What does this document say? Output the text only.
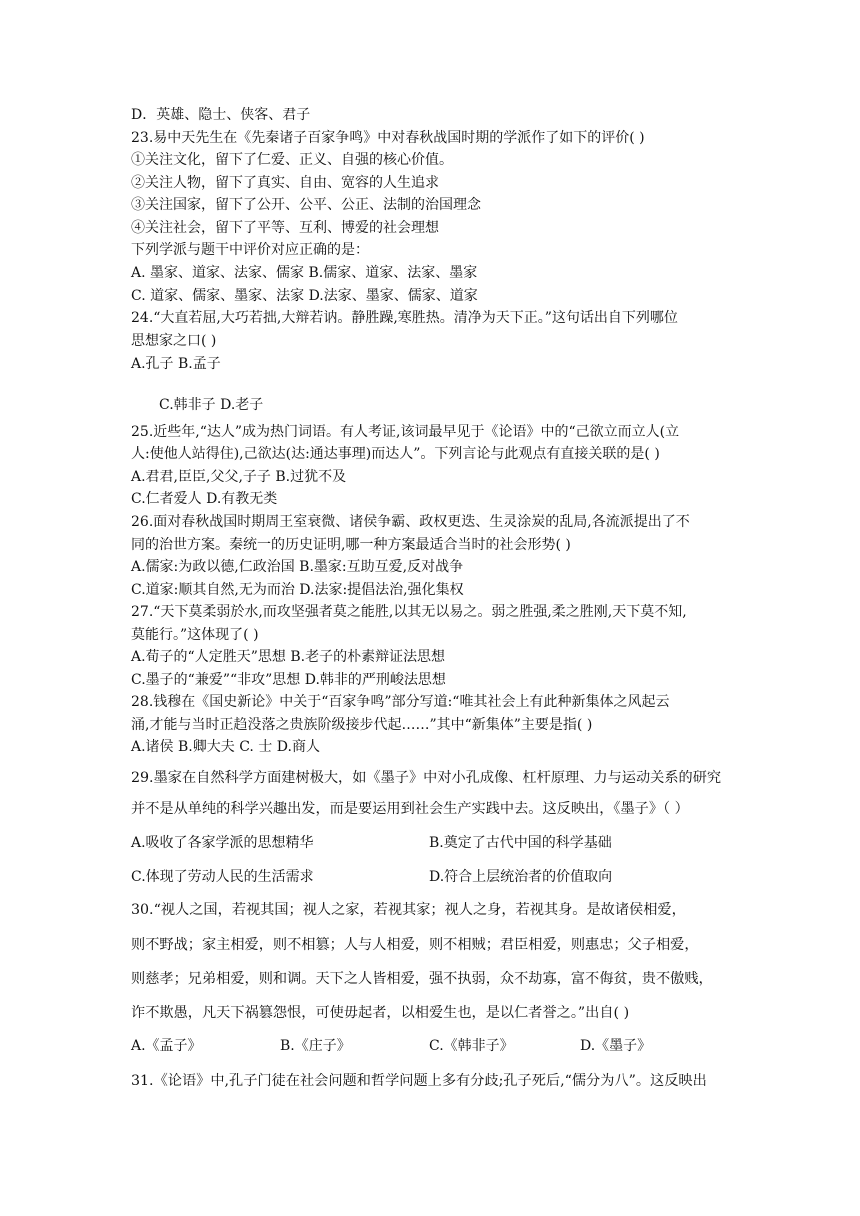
D．英雄、隐士、侠客、君子
23.易中天先生在《先秦诸子百家争鸣》中对春秋战国时期的学派作了如下的评价( )
①关注文化，留下了仁爱、正义、自强的核心价值。
②关注人物，留下了真实、自由、宽容的人生追求
③关注国家，留下了公开、公平、公正、法制的治国理念
④关注社会，留下了平等、互利、博爱的社会理想
下列学派与题干中评价对应正确的是：
A. 墨家、道家、法家、儒家 B.儒家、道家、法家、墨家
C. 道家、儒家、墨家、法家 D.法家、墨家、儒家、道家
24.“大直若屈,大巧若拙,大辩若讷。静胜躁,寒胜热。清净为天下正。”这句话出自下列哪位
思想家之口( )
A.孔子 B.孟子
C.韩非子 D.老子
25.近些年,“达人”成为热门词语。有人考证,该词最早见于《论语》中的“己欲立而立人(立
人:使他人站得住),己欲达(达:通达事理)而达人”。下列言论与此观点有直接关联的是( )
A.君君,臣臣,父父,子子 B.过犹不及
C.仁者爱人 D.有教无类
26.面对春秋战国时期周王室衰微、诸侯争霸、政权更迭、生灵涂炭的乱局,各流派提出了不
同的治世方案。秦统一的历史证明,哪一种方案最适合当时的社会形势( )
A.儒家:为政以德,仁政治国 B.墨家:互助互爱,反对战争
C.道家:顺其自然,无为而治 D.法家:提倡法治,强化集权
27.“天下莫柔弱於水,而攻坚强者莫之能胜,以其无以易之。弱之胜强,柔之胜刚,天下莫不知,
莫能行。”这体现了( )
A.荀子的“人定胜天”思想 B.老子的朴素辩证法思想
C.墨子的“兼爱”“非攻”思想 D.韩非的严刑峻法思想
28.钱穆在《国史新论》中关于“百家争鸣”部分写道:“唯其社会上有此种新集体之风起云
涌,才能与当时正趋没落之贵族阶级接步代起……”其中“新集体”主要是指( )
A.诸侯 B.卿大夫 C. 士 D.商人
29.墨家在自然科学方面建树极大，如《墨子》中对小孔成像、杠杆原理、力与运动关系的研究
并不是从单纯的科学兴趣出发，而是要运用到社会生产实践中去。这反映出，《墨子》（ ）
A.吸收了各家学派的思想精华	B.奠定了古代中国的科学基础
C.体现了劳动人民的生活需求	D.符合上层统治者的价值取向
30.“视人之国，若视其国；视人之家，若视其家；视人之身，若视其身。是故诸侯相爱，
则不野战；家主相爱，则不相篡；人与人相爱，则不相贼；君臣相爱，则惠忠；父子相爱，
则慈孝；兄弟相爱，则和调。天下之人皆相爱，强不执弱，众不劫寡，富不侮贫，贵不傲贱，
诈不欺愚，凡天下祸篡怨恨，可使毋起者，以相爱生也，是以仁者誉之。”出自( )
A.《孟子》	B.《庄子》	C.《韩非子》	D.《墨子》
31.《论语》中,孔子门徒在社会问题和哲学问题上多有分歧;孔子死后,“儒分为八”。这反映出
